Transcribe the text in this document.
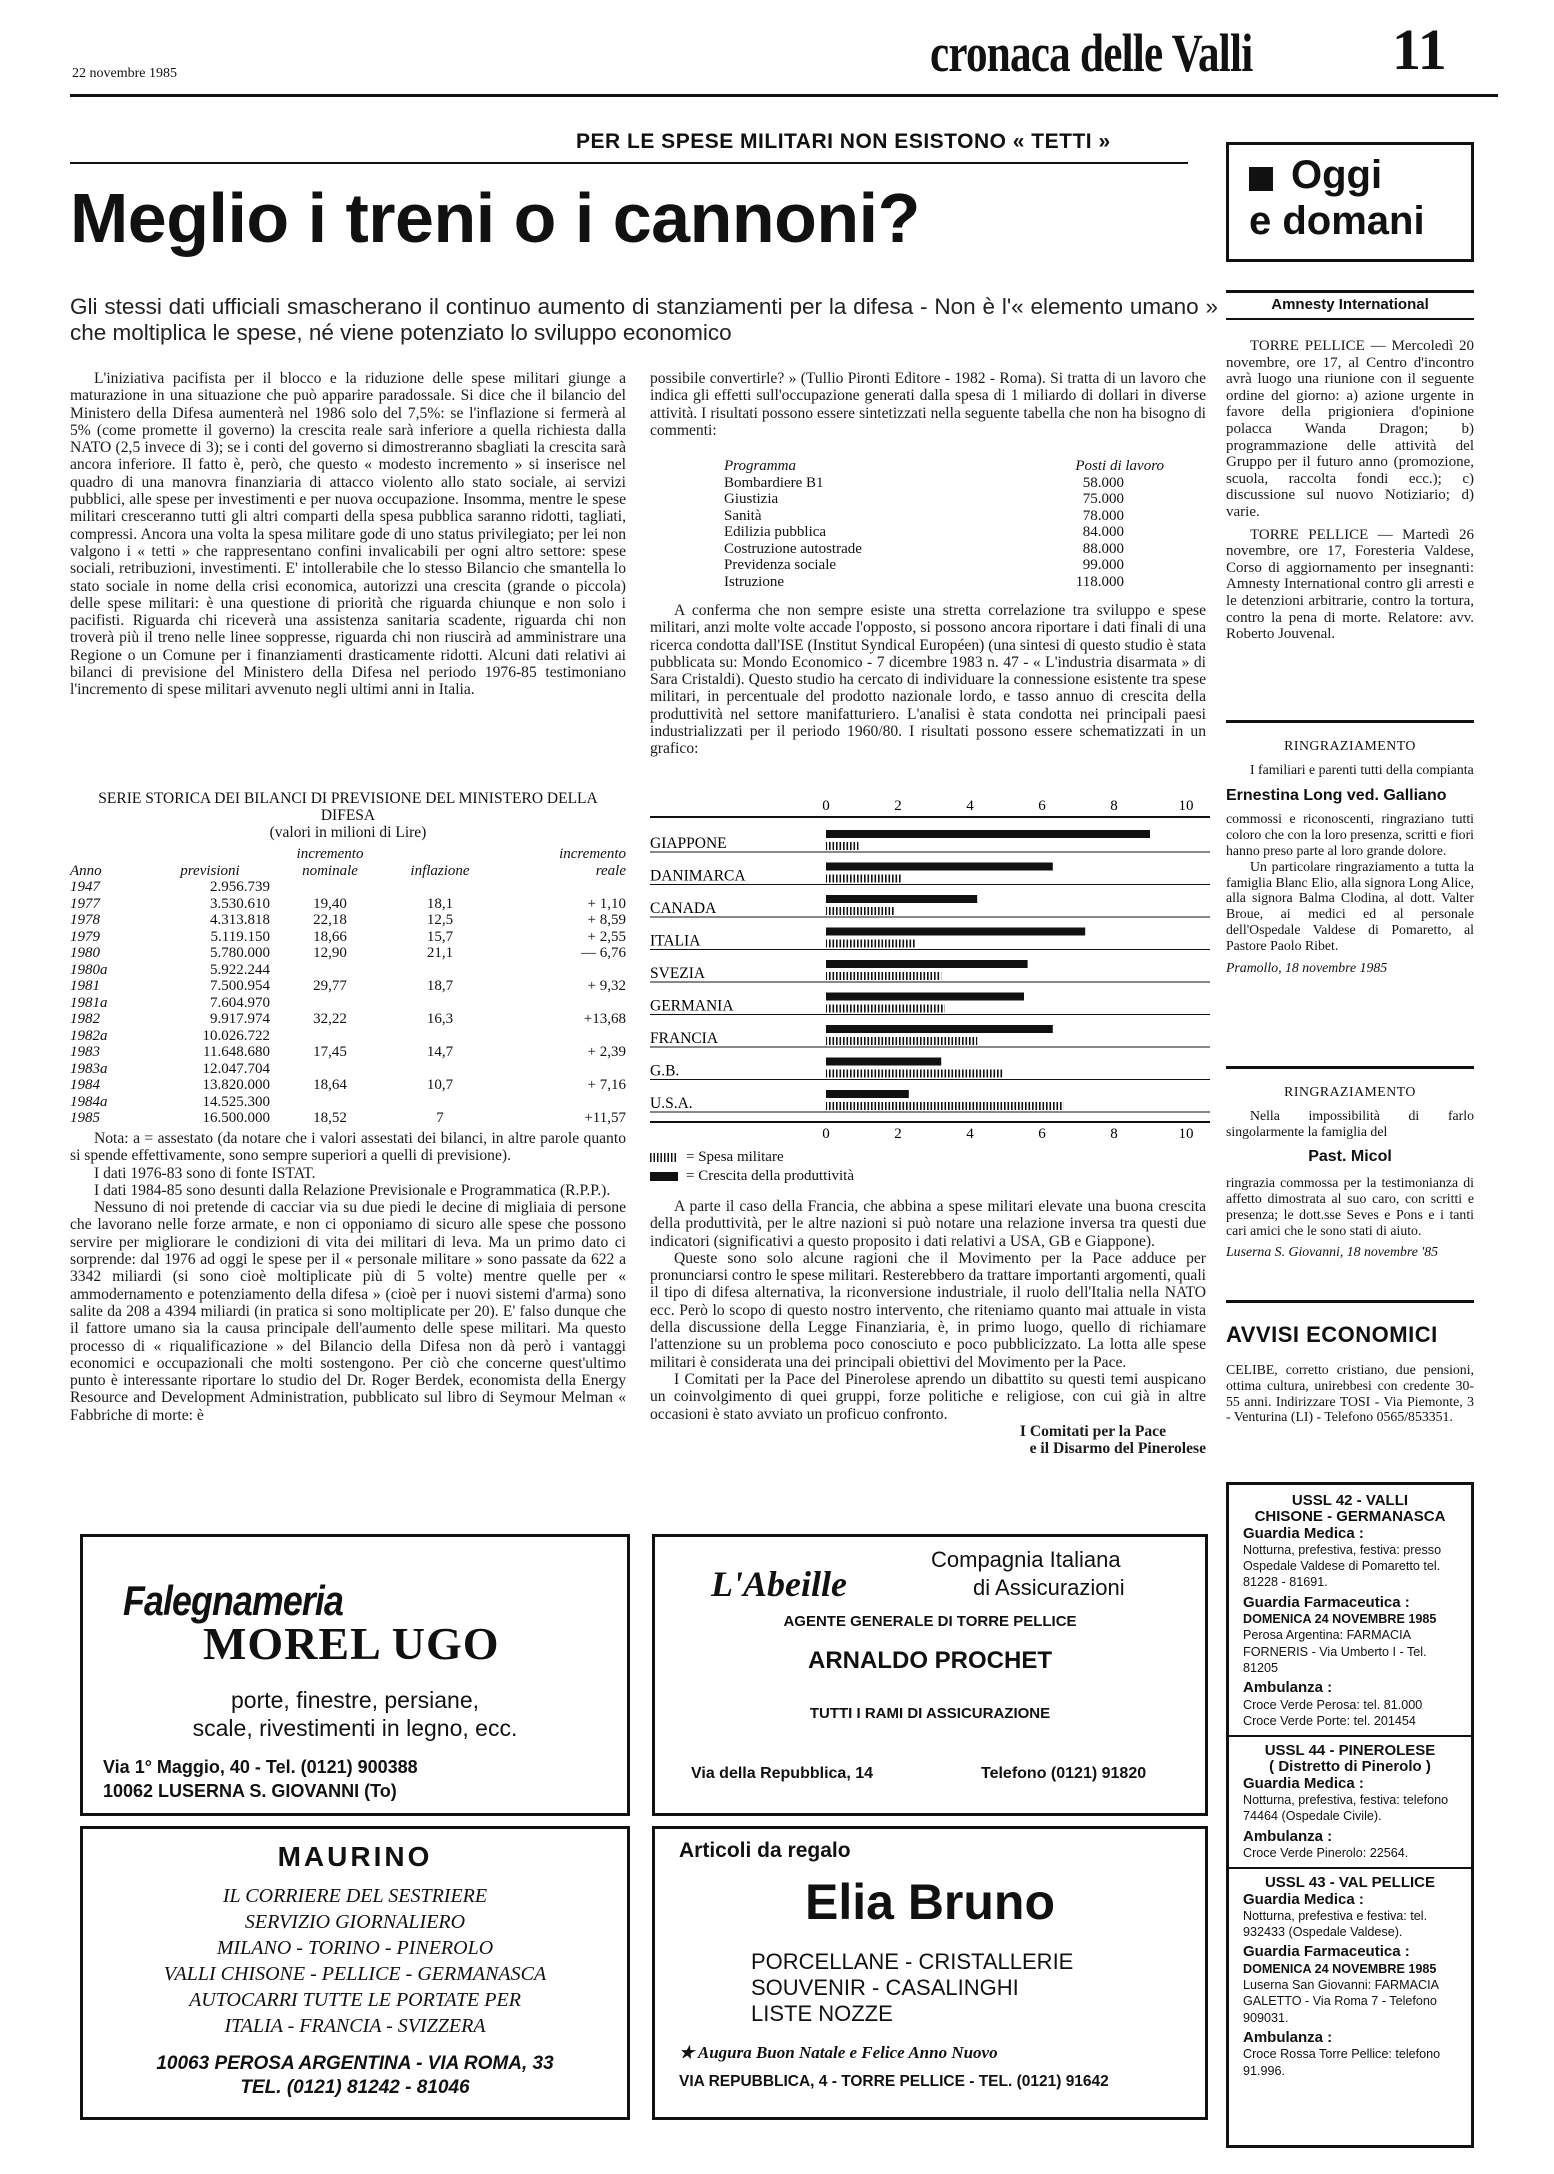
22 novembre 1985	cronaca delle Valli 11
PER LE SPESE MILITARI NON ESISTONO « TETTI »
Meglio i treni o i cannoni?
Gli stessi dati ufficiali smascherano il continuo aumento di stanziamenti per la difesa - Non è l'« elemento umano » che moltiplica le spese, né viene potenziato lo sviluppo economico
Oggi
e domani

L'iniziativa pacifista per il blocco e la riduzione delle spese militari giunge a maturazione in una situazione che può apparire paradossale. Si dice che il bilancio del Ministero della Difesa aumenterà nel 1986 solo del 7,5%: se l'inflazione si fermerà al 5% (come promette il governo) la crescita reale sarà inferiore a quella richiesta dalla NATO (2,5 invece di 3); se i conti del governo si dimostreranno sbagliati la crescita sarà ancora inferiore. Il fatto è, però, che questo « modesto incremento » si inserisce nel quadro di una manovra finanziaria di attacco violento allo stato sociale, ai servizi pubblici, alle spese per investimenti e per nuova occupazione. Insomma, mentre le spese militari cresceranno tutti gli altri comparti della spesa pubblica saranno ridotti, tagliati, compressi. Ancora una volta la spesa militare gode di uno status privilegiato; per lei non valgono i « tetti » che rappresentano confini invalicabili per ogni altro settore: spese sociali, retribuzioni, investimenti. E' intollerabile che lo stesso Bilancio che smantella lo stato sociale in nome della crisi economica, autorizzi una crescita (grande o piccola) delle spese militari: è una questione di priorità che riguarda chiunque e non solo i pacifisti. Riguarda chi riceverà una assistenza sanitaria scadente, riguarda chi non troverà più il treno nelle linee soppresse, riguarda chi non riuscirà ad amministrare una Regione o un Comune per i finanziamenti drasticamente ridotti. Alcuni dati relativi ai bilanci di previsione del Ministero della Difesa nel periodo 1976-85 testimoniano l'incremento di spese militari avvenuto negli ultimi anni in Italia.

SERIE STORICA DEI BILANCI DI PREVISIONE DEL MINISTERO DELLA DIFESA
(valori in milioni di Lire)
		incremento		incremento
Anno	previsioni	nominale	inflazione	reale
1947	2.956.739			
1977	3.530.610	19,40	18,1	+ 1,10
1978	4.313.818	22,18	12,5	+ 8,59
1979	5.119.150	18,66	15,7	+ 2,55
1980	5.780.000	12,90	21,1	— 6,76
1980a	5.922.244			
1981	7.500.954	29,77	18,7	+ 9,32
1981a	7.604.970			
1982	9.917.974	32,22	16,3	+13,68
1982a	10.026.722			
1983	11.648.680	17,45	14,7	+ 2,39
1983a	12.047.704			
1984	13.820.000	18,64	10,7	+ 7,16
1984a	14.525.300			
1985	16.500.000	18,52	7	+11,57

Nota: a = assestato (da notare che i valori assestati dei bilanci, in altre parole quanto si spende effettivamente, sono sempre superiori a quelli di previsione).

I dati 1976-83 sono di fonte ISTAT.

I dati 1984-85 sono desunti dalla Relazione Previsionale e Programmatica (R.P.P.).

Nessuno di noi pretende di cacciar via su due piedi le decine di migliaia di persone che lavorano nelle forze armate, e non ci opponiamo di sicuro alle spese che possono servire per migliorare le condizioni di vita dei militari di leva. Ma un primo dato ci sorprende: dal 1976 ad oggi le spese per il « personale militare » sono passate da 622 a 3342 miliardi (si sono cioè moltiplicate più di 5 volte) mentre quelle per « ammodernamento e potenziamento della difesa » (cioè per i nuovi sistemi d'arma) sono salite da 208 a 4394 miliardi (in pratica si sono moltiplicate per 20). E' falso dunque che il fattore umano sia la causa principale dell'aumento delle spese militari. Ma questo processo di « riqualificazione » del Bilancio della Difesa non dà però i vantaggi economici e occupazionali che molti sostengono. Per ciò che concerne quest'ultimo punto è interessante riportare lo studio del Dr. Roger Berdek, economista della Energy Resource and Development Administration, pubblicato sul libro di Seymour Melman « Fabbriche di morte: è

possibile convertirle? » (Tullio Pironti Editore - 1982 - Roma). Si tratta di un lavoro che indica gli effetti sull'occupazione generati dalla spesa di 1 miliardo di dollari in diverse attività. I risultati possono essere sintetizzati nella seguente tabella che non ha bisogno di commenti:

Programma	Posti di lavoro
Bombardiere B1	58.000
Giustizia	75.000
Sanità	78.000
Edilizia pubblica	84.000
Costruzione autostrade	88.000
Previdenza sociale	99.000
Istruzione	118.000

A conferma che non sempre esiste una stretta correlazione tra sviluppo e spese militari, anzi molte volte accade l'opposto, si possono ancora riportare i dati finali di una ricerca condotta dall'ISE (Institut Syndical Européen) (una sintesi di questo studio è stata pubblicata su: Mondo Economico - 7 dicembre 1983 n. 47 - « L'industria disarmata » di Sara Cristaldi). Questo studio ha cercato di individuare la connessione esistente tra spese militari, in percentuale del prodotto nazionale lordo, e tasso annuo di crescita della produttività nel settore manifatturiero. L'analisi è stata condotta nei principali paesi industrializzati per il periodo 1960/80. I risultati possono essere schematizzati in un grafico:

0
0
2
2
4
4
6
6
8
8
10
10
GIAPPONE
DANIMARCA
CANADA
ITALIA
SVEZIA
GERMANIA
FRANCIA
G.B.
U.S.A.
= Spesa militare
= Crescita della produttività

A parte il caso della Francia, che abbina a spese militari elevate una buona crescita della produttività, per le altre nazioni si può notare una relazione inversa tra questi due indicatori (significativi a questo proposito i dati relativi a USA, GB e Giappone).

Queste sono solo alcune ragioni che il Movimento per la Pace adduce per pronunciarsi contro le spese militari. Resterebbero da trattare importanti argomenti, quali il tipo di difesa alternativa, la riconversione industriale, il ruolo dell'Italia nella NATO ecc. Però lo scopo di questo nostro intervento, che riteniamo quanto mai attuale in vista della discussione della Legge Finanziaria, è, in primo luogo, quello di richiamare l'attenzione su un problema poco conosciuto e poco pubblicizzato. La lotta alle spese militari è considerata una dei principali obiettivi del Movimento per la Pace.

I Comitati per la Pace del Pinerolese aprendo un dibattito su questi temi auspicano un coinvolgimento di quei gruppi, forze politiche e religiose, con cui già in altre occasioni è stato avviato un proficuo confronto.

I Comitati per la Pace
e il Disarmo del Pinerolese
Amnesty International

TORRE PELLICE — Mercoledì 20 novembre, ore 17, al Centro d'incontro avrà luogo una riunione con il seguente ordine del giorno: a) azione urgente in favore della prigioniera d'opinione polacca Wanda Dragon; b) programmazione delle attività del Gruppo per il futuro anno (promozione, scuola, raccolta fondi ecc.); c) discussione sul nuovo Notiziario; d) varie.

TORRE PELLICE — Martedì 26 novembre, ore 17, Foresteria Valdese, Corso di aggiornamento per insegnanti: Amnesty International contro gli arresti e le detenzioni arbitrarie, contro la tortura, contro la pena di morte. Relatore: avv. Roberto Jouvenal.

RINGRAZIAMENTO
I familiari e parenti tutti della compianta
Ernestina Long ved. Galliano
commossi e riconoscenti, ringraziano tutti coloro che con la loro presenza, scritti e fiori hanno preso parte al loro grande dolore.
Un particolare ringraziamento a tutta la famiglia Blanc Elio, alla signora Long Alice, alla signora Balma Clodina, al dott. Valter Broue, ai medici ed al personale dell'Ospedale Valdese di Pomaretto, al Pastore Paolo Ribet.
Pramollo, 18 novembre 1985
RINGRAZIAMENTO
Nella impossibilità di farlo singolarmente la famiglia del
Past. Micol
ringrazia commossa per la testimonianza di affetto dimostrata al suo caro, con scritti e presenza; le dott.sse Seves e Pons e i tanti cari amici che le sono stati di aiuto.
Luserna S. Giovanni, 18 novembre '85
AVVISI ECONOMICI
CELIBE, corretto cristiano, due pensioni, ottima cultura, unirebbesi con credente 30-55 anni. Indirizzare TOSI - Via Piemonte, 3 - Venturina (LI) - Telefono 0565/853351.
USSL 42 - VALLI
CHISONE - GERMANASCA
Guardia Medica :
Notturna, prefestiva, festiva: presso Ospedale Valdese di Pomaretto tel. 81228 - 81691.
Guardia Farmaceutica :
DOMENICA 24 NOVEMBRE 1985
Perosa Argentina: FARMACIA FORNERIS - Via Umberto I - Tel. 81205
Ambulanza :
Croce Verde Perosa: tel. 81.000
Croce Verde Porte: tel. 201454
USSL 44 - PINEROLESE
( Distretto di Pinerolo )
Guardia Medica :
Notturna, prefestiva, festiva: telefono 74464 (Ospedale Civile).
Ambulanza :
Croce Verde Pinerolo: 22564.
USSL 43 - VAL PELLICE
Guardia Medica :
Notturna, prefestiva e festiva: tel. 932433 (Ospedale Valdese).
Guardia Farmaceutica :
DOMENICA 24 NOVEMBRE 1985
Luserna San Giovanni: FARMACIA GALETTO - Via Roma 7 - Telefono 909031.
Ambulanza :
Croce Rossa Torre Pellice: telefono 91.996.
Falegnameria
MOREL UGO
porte, finestre, persiane,
scale, rivestimenti in legno, ecc.
Via 1° Maggio, 40 - Tel. (0121) 900388
10062 LUSERNA S. GIOVANNI (To)
L'Abeille
Compagnia Italiana
di Assicurazioni
AGENTE GENERALE DI TORRE PELLICE
ARNALDO PROCHET
TUTTI I RAMI DI ASSICURAZIONE
Via della Repubblica, 14	Telefono (0121) 91820
MAURINO
IL CORRIERE DEL SESTRIERE
SERVIZIO GIORNALIERO
MILANO - TORINO - PINEROLO
VALLI CHISONE - PELLICE - GERMANASCA
AUTOCARRI TUTTE LE PORTATE PER
ITALIA - FRANCIA - SVIZZERA
10063 PEROSA ARGENTINA - VIA ROMA, 33
TEL. (0121) 81242 - 81046
Articoli da regalo
Elia Bruno
PORCELLANE - CRISTALLERIE
SOUVENIR - CASALINGHI
LISTE NOZZE
★ Augura Buon Natale e Felice Anno Nuovo
VIA REPUBBLICA, 4 - TORRE PELLICE - TEL. (0121) 91642
